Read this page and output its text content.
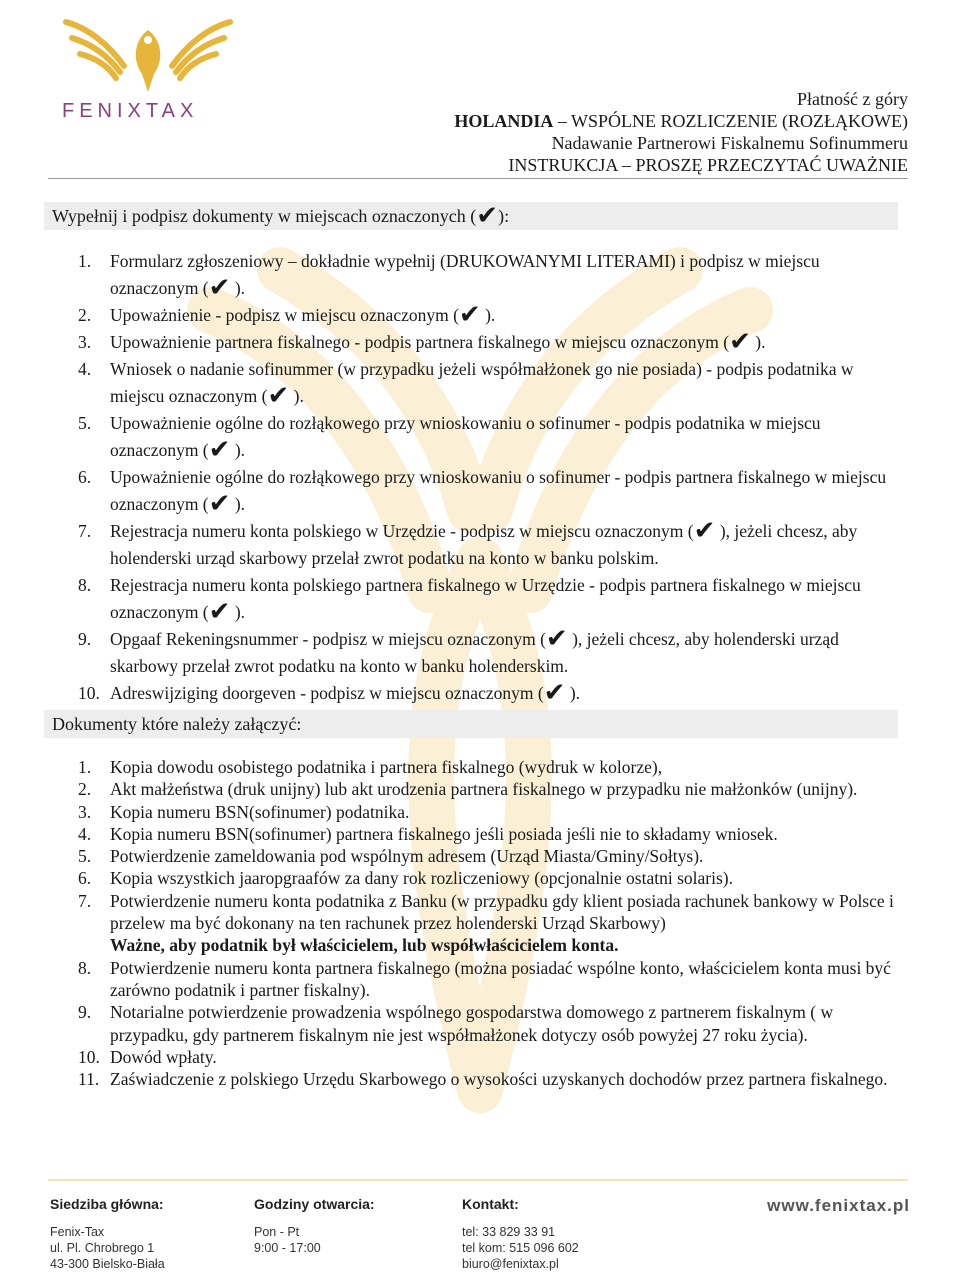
FENIXTAX
Płatność z góry
HOLANDIA – WSPÓLNE ROZLICZENIE (ROZŁĄKOWE)
Nadawanie Partnerowi Fiskalnemu Sofinummeru
INSTRUKCJA – PROSZĘ PRZECZYTAĆ UWAŻNIE
Wypełnij i podpisz dokumenty w miejscach oznaczonych (✔):
1.	Formularz zgłoszeniowy – dokładnie wypełnij (DRUKOWANYMI LITERAMI) i podpisz w miejscu oznaczonym (✔ ).
2.	Upoważnienie - podpisz w miejscu oznaczonym (✔ ).
3.	Upoważnienie partnera fiskalnego - podpis partnera fiskalnego w miejscu oznaczonym (✔ ).
4.	Wniosek o nadanie sofinummer (w przypadku jeżeli współmałżonek go nie posiada) - podpis podatnika w miejscu oznaczonym (✔ ).
5.	Upoważnienie ogólne do rozłąkowego przy wnioskowaniu o sofinumer - podpis podatnika w miejscu oznaczonym (✔ ).
6.	Upoważnienie ogólne do rozłąkowego przy wnioskowaniu o sofinumer - podpis partnera fiskalnego w miejscu oznaczonym (✔ ).
7.	Rejestracja numeru konta polskiego w Urzędzie - podpisz w miejscu oznaczonym (✔ ), jeżeli chcesz, aby holenderski urząd skarbowy przelał zwrot podatku na konto w banku polskim.
8.	Rejestracja numeru konta polskiego partnera fiskalnego w Urzędzie - podpis partnera fiskalnego w miejscu oznaczonym (✔ ).
9.	Opgaaf Rekeningsnummer - podpisz w miejscu oznaczonym (✔ ), jeżeli chcesz, aby holenderski urząd skarbowy przelał zwrot podatku na konto w banku holenderskim.
10. Adreswijziging doorgeven - podpisz w miejscu oznaczonym (✔ ).
Dokumenty które należy załączyć:
1.	Kopia dowodu osobistego podatnika i partnera fiskalnego (wydruk w kolorze),
2.	Akt małżeństwa (druk unijny) lub akt urodzenia partnera fiskalnego w przypadku nie małżonków (unijny).
3.	Kopia numeru BSN(sofinumer) podatnika.
4.	Kopia numeru BSN(sofinumer) partnera fiskalnego jeśli posiada jeśli nie to składamy wniosek.
5.	Potwierdzenie zameldowania pod wspólnym adresem (Urząd Miasta/Gminy/Sołtys).
6.	Kopia wszystkich jaaropgraafów za dany rok rozliczeniowy (opcjonalnie ostatni solaris).
7.	Potwierdzenie numeru konta podatnika z Banku (w przypadku gdy klient posiada rachunek bankowy w Polsce i przelew ma być dokonany na ten rachunek przez holenderski Urząd Skarbowy)
Ważne, aby podatnik był właścicielem, lub współwłaścicielem konta.
8.	Potwierdzenie numeru konta partnera fiskalnego (można posiadać wspólne konto, właścicielem konta musi być zarówno podatnik i partner fiskalny).
9.	Notarialne potwierdzenie prowadzenia wspólnego gospodarstwa domowego z partnerem fiskalnym ( w przypadku, gdy partnerem fiskalnym nie jest współmałżonek dotyczy osób powyżej 27 roku życia).
10. Dowód wpłaty.
11. Zaświadczenie z polskiego Urzędu Skarbowego o wysokości uzyskanych dochodów przez partnera fiskalnego.
Siedziba główna:
Fenix-Tax
ul. Pl. Chrobrego 1
43-300 Bielsko-Biała
Godziny otwarcia:
Pon - Pt
9:00 - 17:00
Kontakt:
tel: 33 829 33 91
tel kom: 515 096 602
biuro@fenixtax.pl
www.fenixtax.pl
